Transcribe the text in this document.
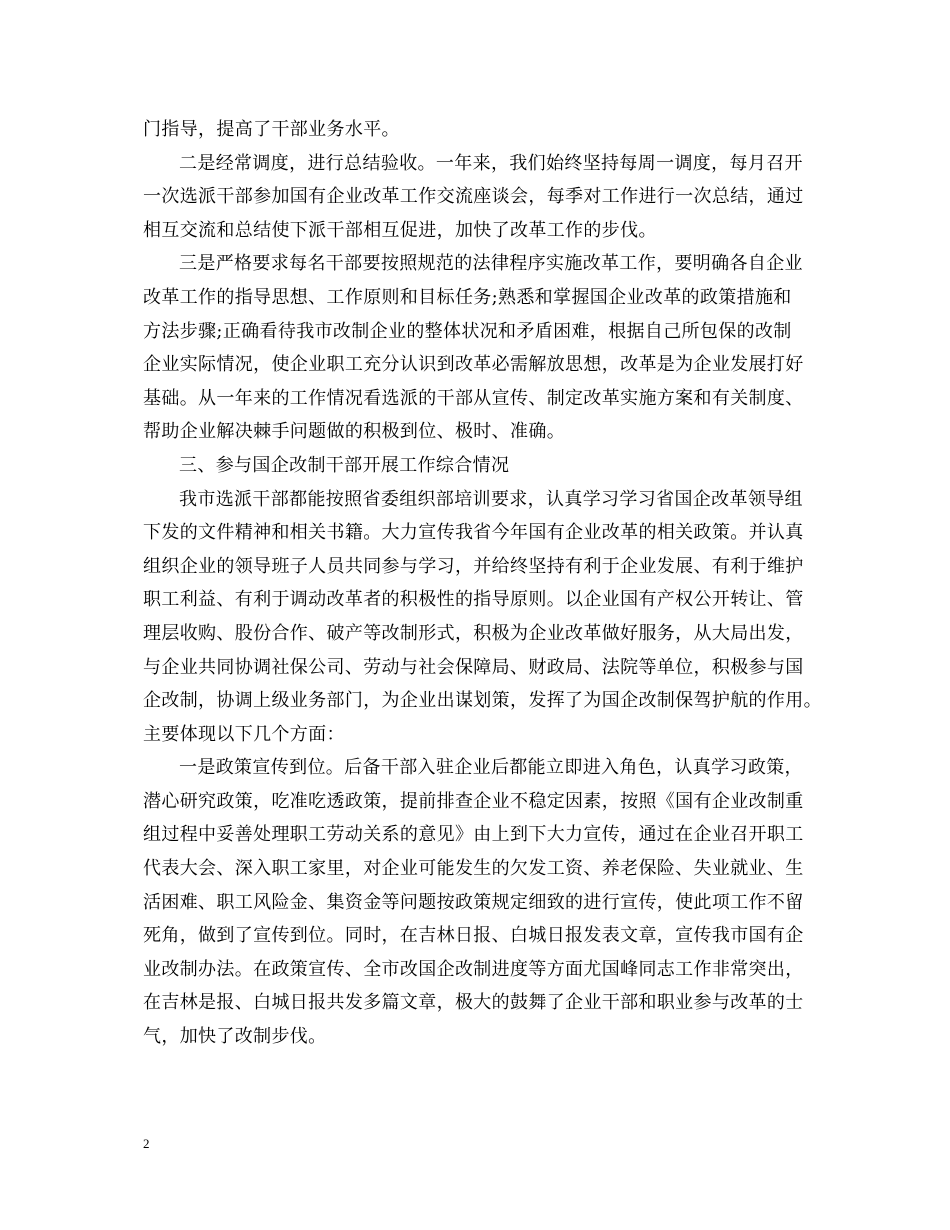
门指导，提高了干部业务水平。
二是经常调度，进行总结验收。一年来，我们始终坚持每周一调度，每月召开
一次选派干部参加国有企业改革工作交流座谈会，每季对工作进行一次总结，通过
相互交流和总结使下派干部相互促进，加快了改革工作的步伐。
三是严格要求每名干部要按照规范的法律程序实施改革工作，要明确各自企业
改革工作的指导思想、工作原则和目标任务;熟悉和掌握国企业改革的政策措施和
方法步骤;正确看待我市改制企业的整体状况和矛盾困难，根据自己所包保的改制
企业实际情况，使企业职工充分认识到改革必需解放思想，改革是为企业发展打好
基础。从一年来的工作情况看选派的干部从宣传、制定改革实施方案和有关制度、
帮助企业解决棘手问题做的积极到位、极时、准确。
三、参与国企改制干部开展工作综合情况
我市选派干部都能按照省委组织部培训要求，认真学习学习省国企改革领导组
下发的文件精神和相关书籍。大力宣传我省今年国有企业改革的相关政策。并认真
组织企业的领导班子人员共同参与学习，并给终坚持有利于企业发展、有利于维护
职工利益、有利于调动改革者的积极性的指导原则。以企业国有产权公开转让、管
理层收购、股份合作、破产等改制形式，积极为企业改革做好服务，从大局出发，
与企业共同协调社保公司、劳动与社会保障局、财政局、法院等单位，积极参与国
企改制，协调上级业务部门，为企业出谋划策，发挥了为国企改制保驾护航的作用。
主要体现以下几个方面：
一是政策宣传到位。后备干部入驻企业后都能立即进入角色，认真学习政策，
潜心研究政策，吃准吃透政策，提前排查企业不稳定因素，按照《国有企业改制重
组过程中妥善处理职工劳动关系的意见》由上到下大力宣传，通过在企业召开职工
代表大会、深入职工家里，对企业可能发生的欠发工资、养老保险、失业就业、生
活困难、职工风险金、集资金等问题按政策规定细致的进行宣传，使此项工作不留
死角，做到了宣传到位。同时，在吉林日报、白城日报发表文章，宣传我市国有企
业改制办法。在政策宣传、全市改国企改制进度等方面尤国峰同志工作非常突出，
在吉林是报、白城日报共发多篇文章，极大的鼓舞了企业干部和职业参与改革的士
气，加快了改制步伐。
2
